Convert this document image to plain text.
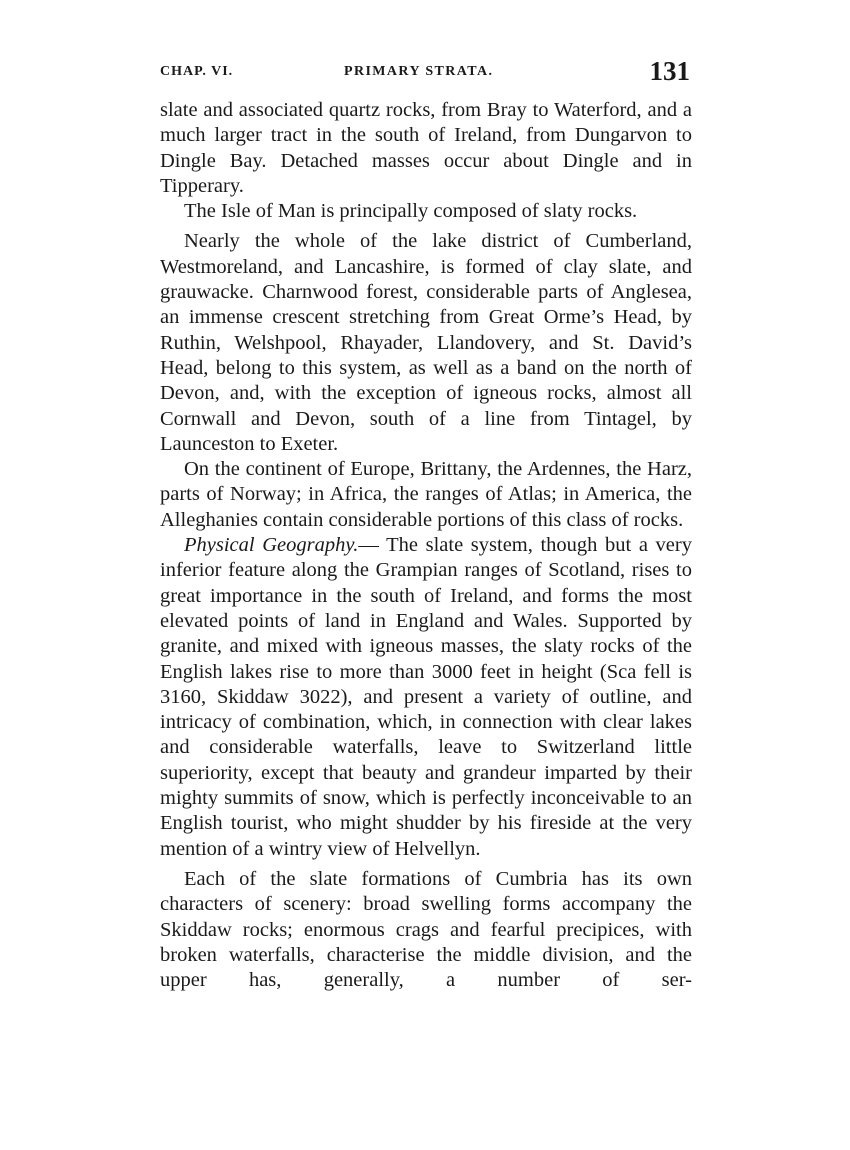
CHAP. VI.	PRIMARY STRATA.	131

slate and associated quartz rocks, from Bray to Waterford, and a much larger tract in the south of Ireland, from Dungarvon to Dingle Bay. Detached masses occur about Dingle and in Tipperary.

The Isle of Man is principally composed of slaty rocks.

Nearly the whole of the lake district of Cumberland, Westmoreland, and Lancashire, is formed of clay slate, and grauwacke. Charnwood forest, considerable parts of Anglesea, an immense crescent stretching from Great Orme’s Head, by Ruthin, Welshpool, Rhayader, Llandovery, and St. David’s Head, belong to this system, as well as a band on the north of Devon, and, with the exception of igneous rocks, almost all Cornwall and Devon, south of a line from Tintagel, by Launceston to Exeter.

On the continent of Europe, Brittany, the Ardennes, the Harz, parts of Norway; in Africa, the ranges of Atlas; in America, the Alleghanies contain considerable portions of this class of rocks.

Physical Geography.— The slate system, though but a very inferior feature along the Grampian ranges of Scotland, rises to great importance in the south of Ireland, and forms the most elevated points of land in England and Wales. Supported by granite, and mixed with igneous masses, the slaty rocks of the English lakes rise to more than 3000 feet in height (Sca fell is 3160, Skiddaw 3022), and present a variety of outline, and intricacy of combination, which, in connection with clear lakes and considerable waterfalls, leave to Switzerland little superiority, except that beauty and grandeur imparted by their mighty summits of snow, which is perfectly inconceivable to an English tourist, who might shudder by his fireside at the very mention of a wintry view of Helvellyn.

Each of the slate formations of Cumbria has its own characters of scenery: broad swelling forms accompany the Skiddaw rocks; enormous crags and fearful precipices, with broken waterfalls, characterise the middle division, and the upper has, generally, a number of ser-
